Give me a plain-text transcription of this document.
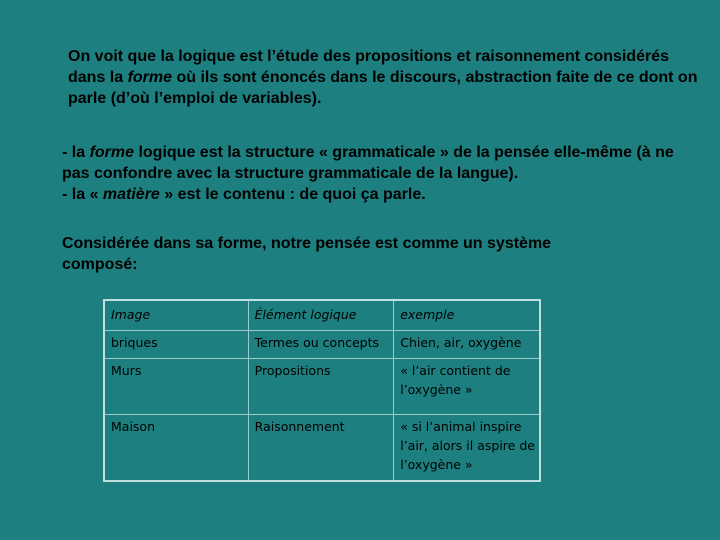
On voit que la logique est l’étude des propositions et raisonnement considérés dans la forme où ils sont énoncés dans le discours, abstraction faite de ce dont on parle (d’où l’emploi de variables).

- la forme logique est la structure « grammaticale » de la pensée elle-même (à ne pas confondre avec la structure grammaticale de la langue).
- la « matière » est le contenu : de quoi ça parle.

Considérée dans sa forme, notre pensée est comme un système composé:

Image	Élément logique	exemple
briques	Termes ou concepts	Chien, air, oxygène
Murs	Propositions	« l’air contient de l’oxygène »
Maison	Raisonnement	« si l’animal inspire l’air, alors il aspire de l’oxygène »
